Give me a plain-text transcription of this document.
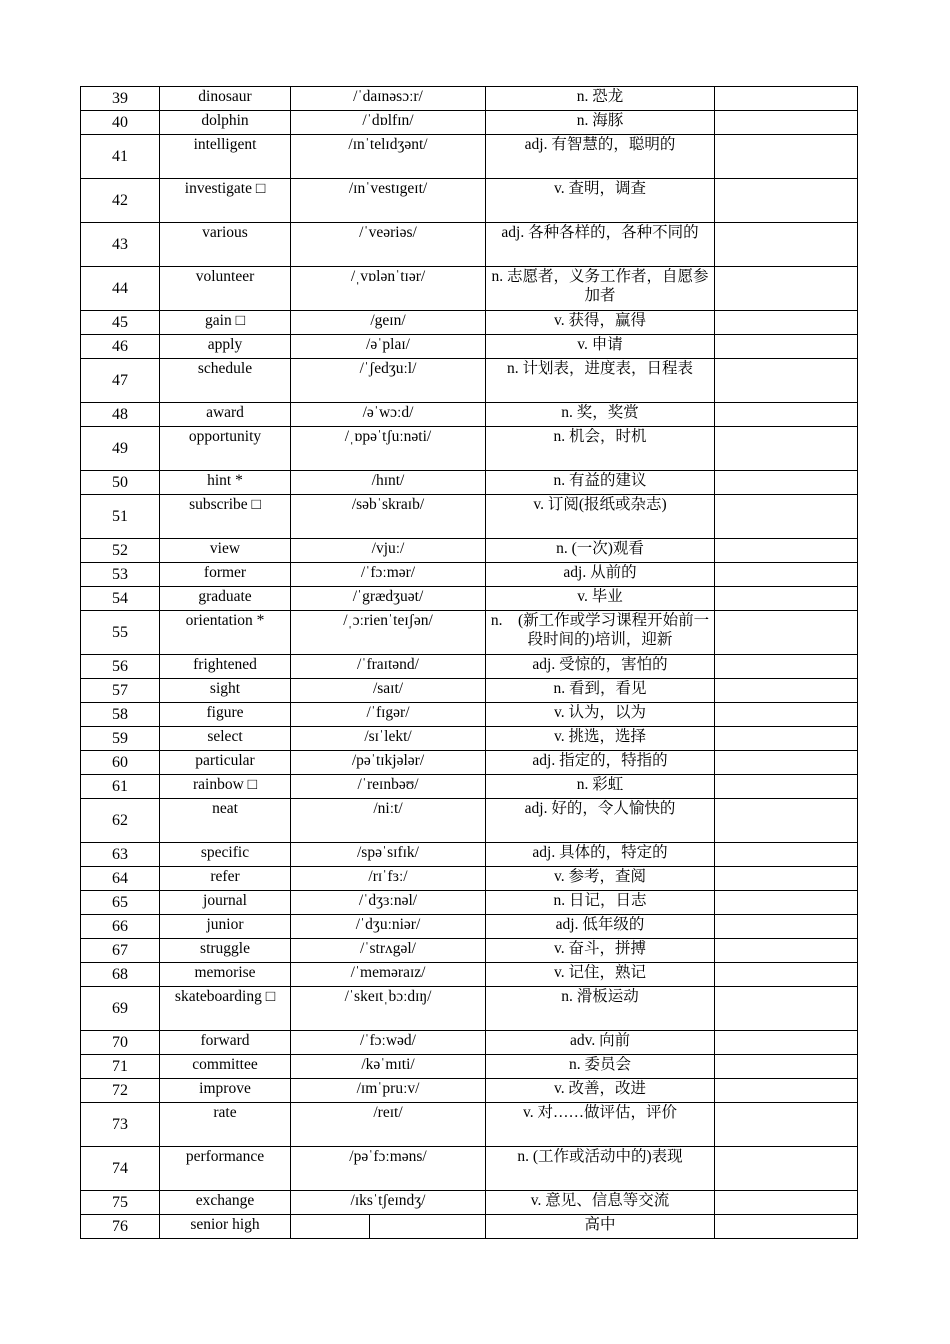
39	dinosaur	/ˈdaɪnəsɔːr/		n. 恐龙	
40	dolphin	/ˈdɒlfɪn/		n. 海豚	
41	intelligent	/ɪnˈtelɪdʒənt/		adj. 有智慧的，聪明的	
42	investigate □	/ɪnˈvestɪgeɪt/		v. 查明，调查	
43	various	/ˈveəriəs/		adj. 各种各样的，各种不同的	
44	volunteer	/ˌvɒlənˈtɪər/		n. 志愿者，义务工作者，自愿参加者	
45	gain □	/geɪn/		v. 获得，赢得	
46	apply	/əˈplaɪ/		v. 申请	
47	schedule	/ˈʃedʒuːl/		n. 计划表，进度表，日程表	
48	award	/əˈwɔːd/		n. 奖，奖赏	
49	opportunity	/ˌɒpəˈtʃuːnəti/		n. 机会，时机	
50	hint *	/hɪnt/		n. 有益的建议	
51	subscribe □	/səbˈskraɪb/		v. 订阅(报纸或杂志)	
52	view	/vjuː/		n. (一次)观看	
53	former	/ˈfɔːmər/		adj. 从前的	
54	graduate	/ˈgrædʒuət/		v. 毕业	
55	orientation *	/ˌɔːrienˈteɪʃən/		n.　(新工作或学习课程开始前一段时间的)培训，迎新	
56	frightened	/ˈfraɪtənd/		adj. 受惊的，害怕的	
57	sight	/saɪt/		n. 看到，看见	
58	figure	/ˈfɪgər/		v. 认为，以为	
59	select	/sɪˈlekt/		v. 挑选，选择	
60	particular	/pəˈtɪkjələr/		adj. 指定的，特指的	
61	rainbow □	/ˈreɪnbəʊ/		n. 彩虹	
62	neat	/niːt/		adj. 好的，令人愉快的	
63	specific	/spəˈsɪfɪk/		adj. 具体的，特定的	
64	refer	/rɪˈfɜː/		v. 参考，查阅	
65	journal	/ˈdʒɜːnəl/		n. 日记，日志	
66	junior	/ˈdʒuːniər/		adj. 低年级的	
67	struggle	/ˈstrʌgəl/		v. 奋斗，拼搏	
68	memorise	/ˈmeməraɪz/		v. 记住，熟记	
69	skateboarding □	/ˈskeɪtˌbɔːdɪŋ/		n. 滑板运动	
70	forward	/ˈfɔːwəd/		adv. 向前	
71	committee	/kəˈmɪti/		n. 委员会	
72	improve	/ɪmˈpruːv/		v. 改善，改进	
73	rate	/reɪt/		v. 对……做评估，评价	
74	performance	/pəˈfɔːməns/		n. (工作或活动中的)表现	
75	exchange	/ɪksˈtʃeɪndʒ/		v. 意见、信息等交流	
76	senior high			高中	
